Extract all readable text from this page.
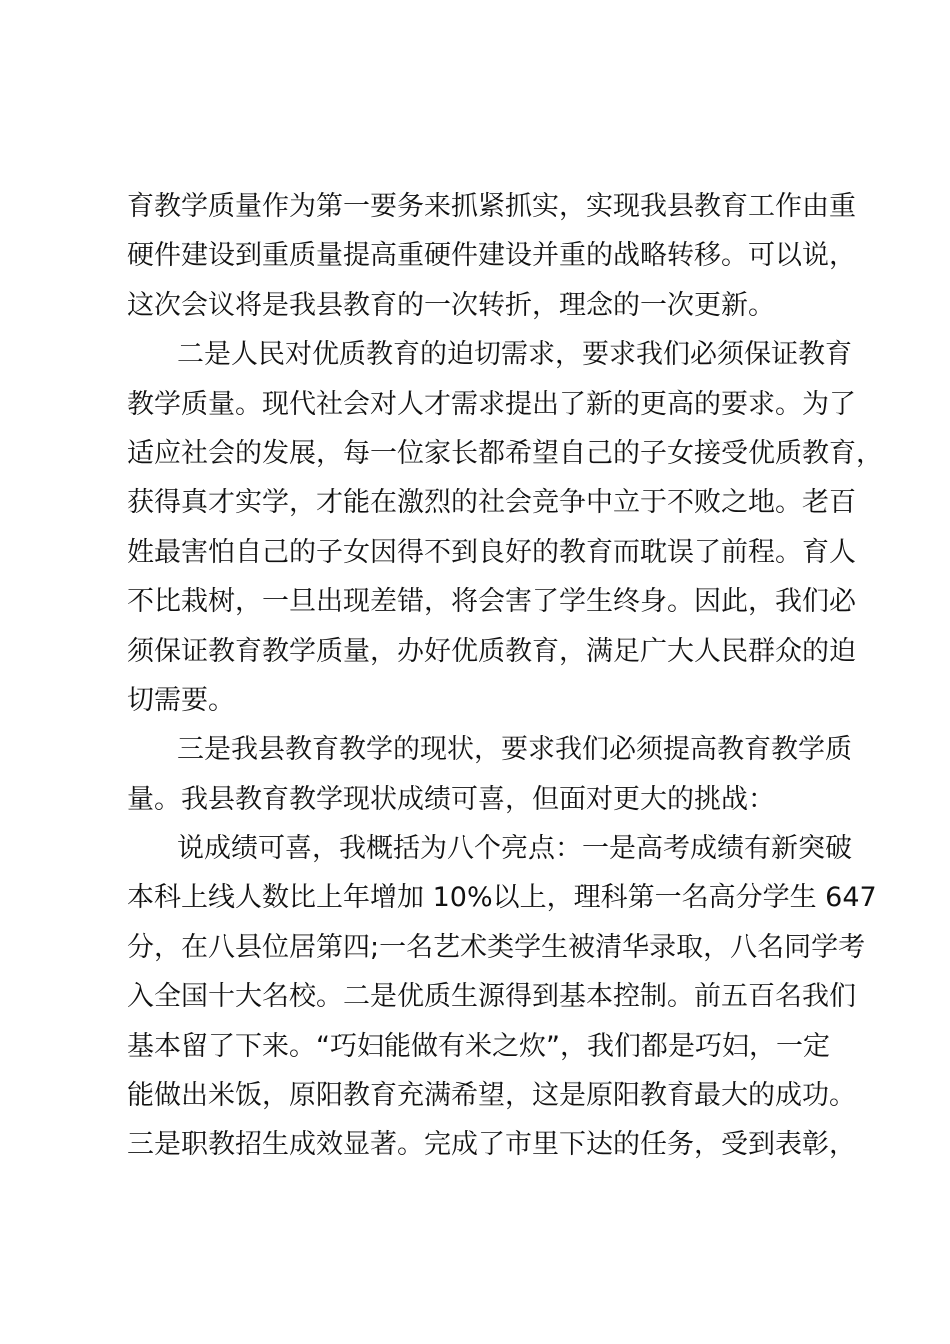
育教学质量作为第一要务来抓紧抓实，实现我县教育工作由重
硬件建设到重质量提高重硬件建设并重的战略转移。可以说，
这次会议将是我县教育的一次转折，理念的一次更新。
二是人民对优质教育的迫切需求，要求我们必须保证教育
教学质量。现代社会对人才需求提出了新的更高的要求。为了
适应社会的发展，每一位家长都希望自己的子女接受优质教育，
获得真才实学，才能在激烈的社会竞争中立于不败之地。老百
姓最害怕自己的子女因得不到良好的教育而耽误了前程。育人
不比栽树，一旦出现差错，将会害了学生终身。因此，我们必
须保证教育教学质量，办好优质教育，满足广大人民群众的迫
切需要。
三是我县教育教学的现状，要求我们必须提高教育教学质
量。我县教育教学现状成绩可喜，但面对更大的挑战：
说成绩可喜，我概括为八个亮点：一是高考成绩有新突破
本科上线人数比上年增加 10%以上，理科第一名高分学生 647
分，在八县位居第四;一名艺术类学生被清华录取，八名同学考
入全国十大名校。二是优质生源得到基本控制。前五百名我们
基本留了下来。“巧妇能做有米之炊”，我们都是巧妇，一定
能做出米饭，原阳教育充满希望，这是原阳教育最大的成功。
三是职教招生成效显著。完成了市里下达的任务，受到表彰，
